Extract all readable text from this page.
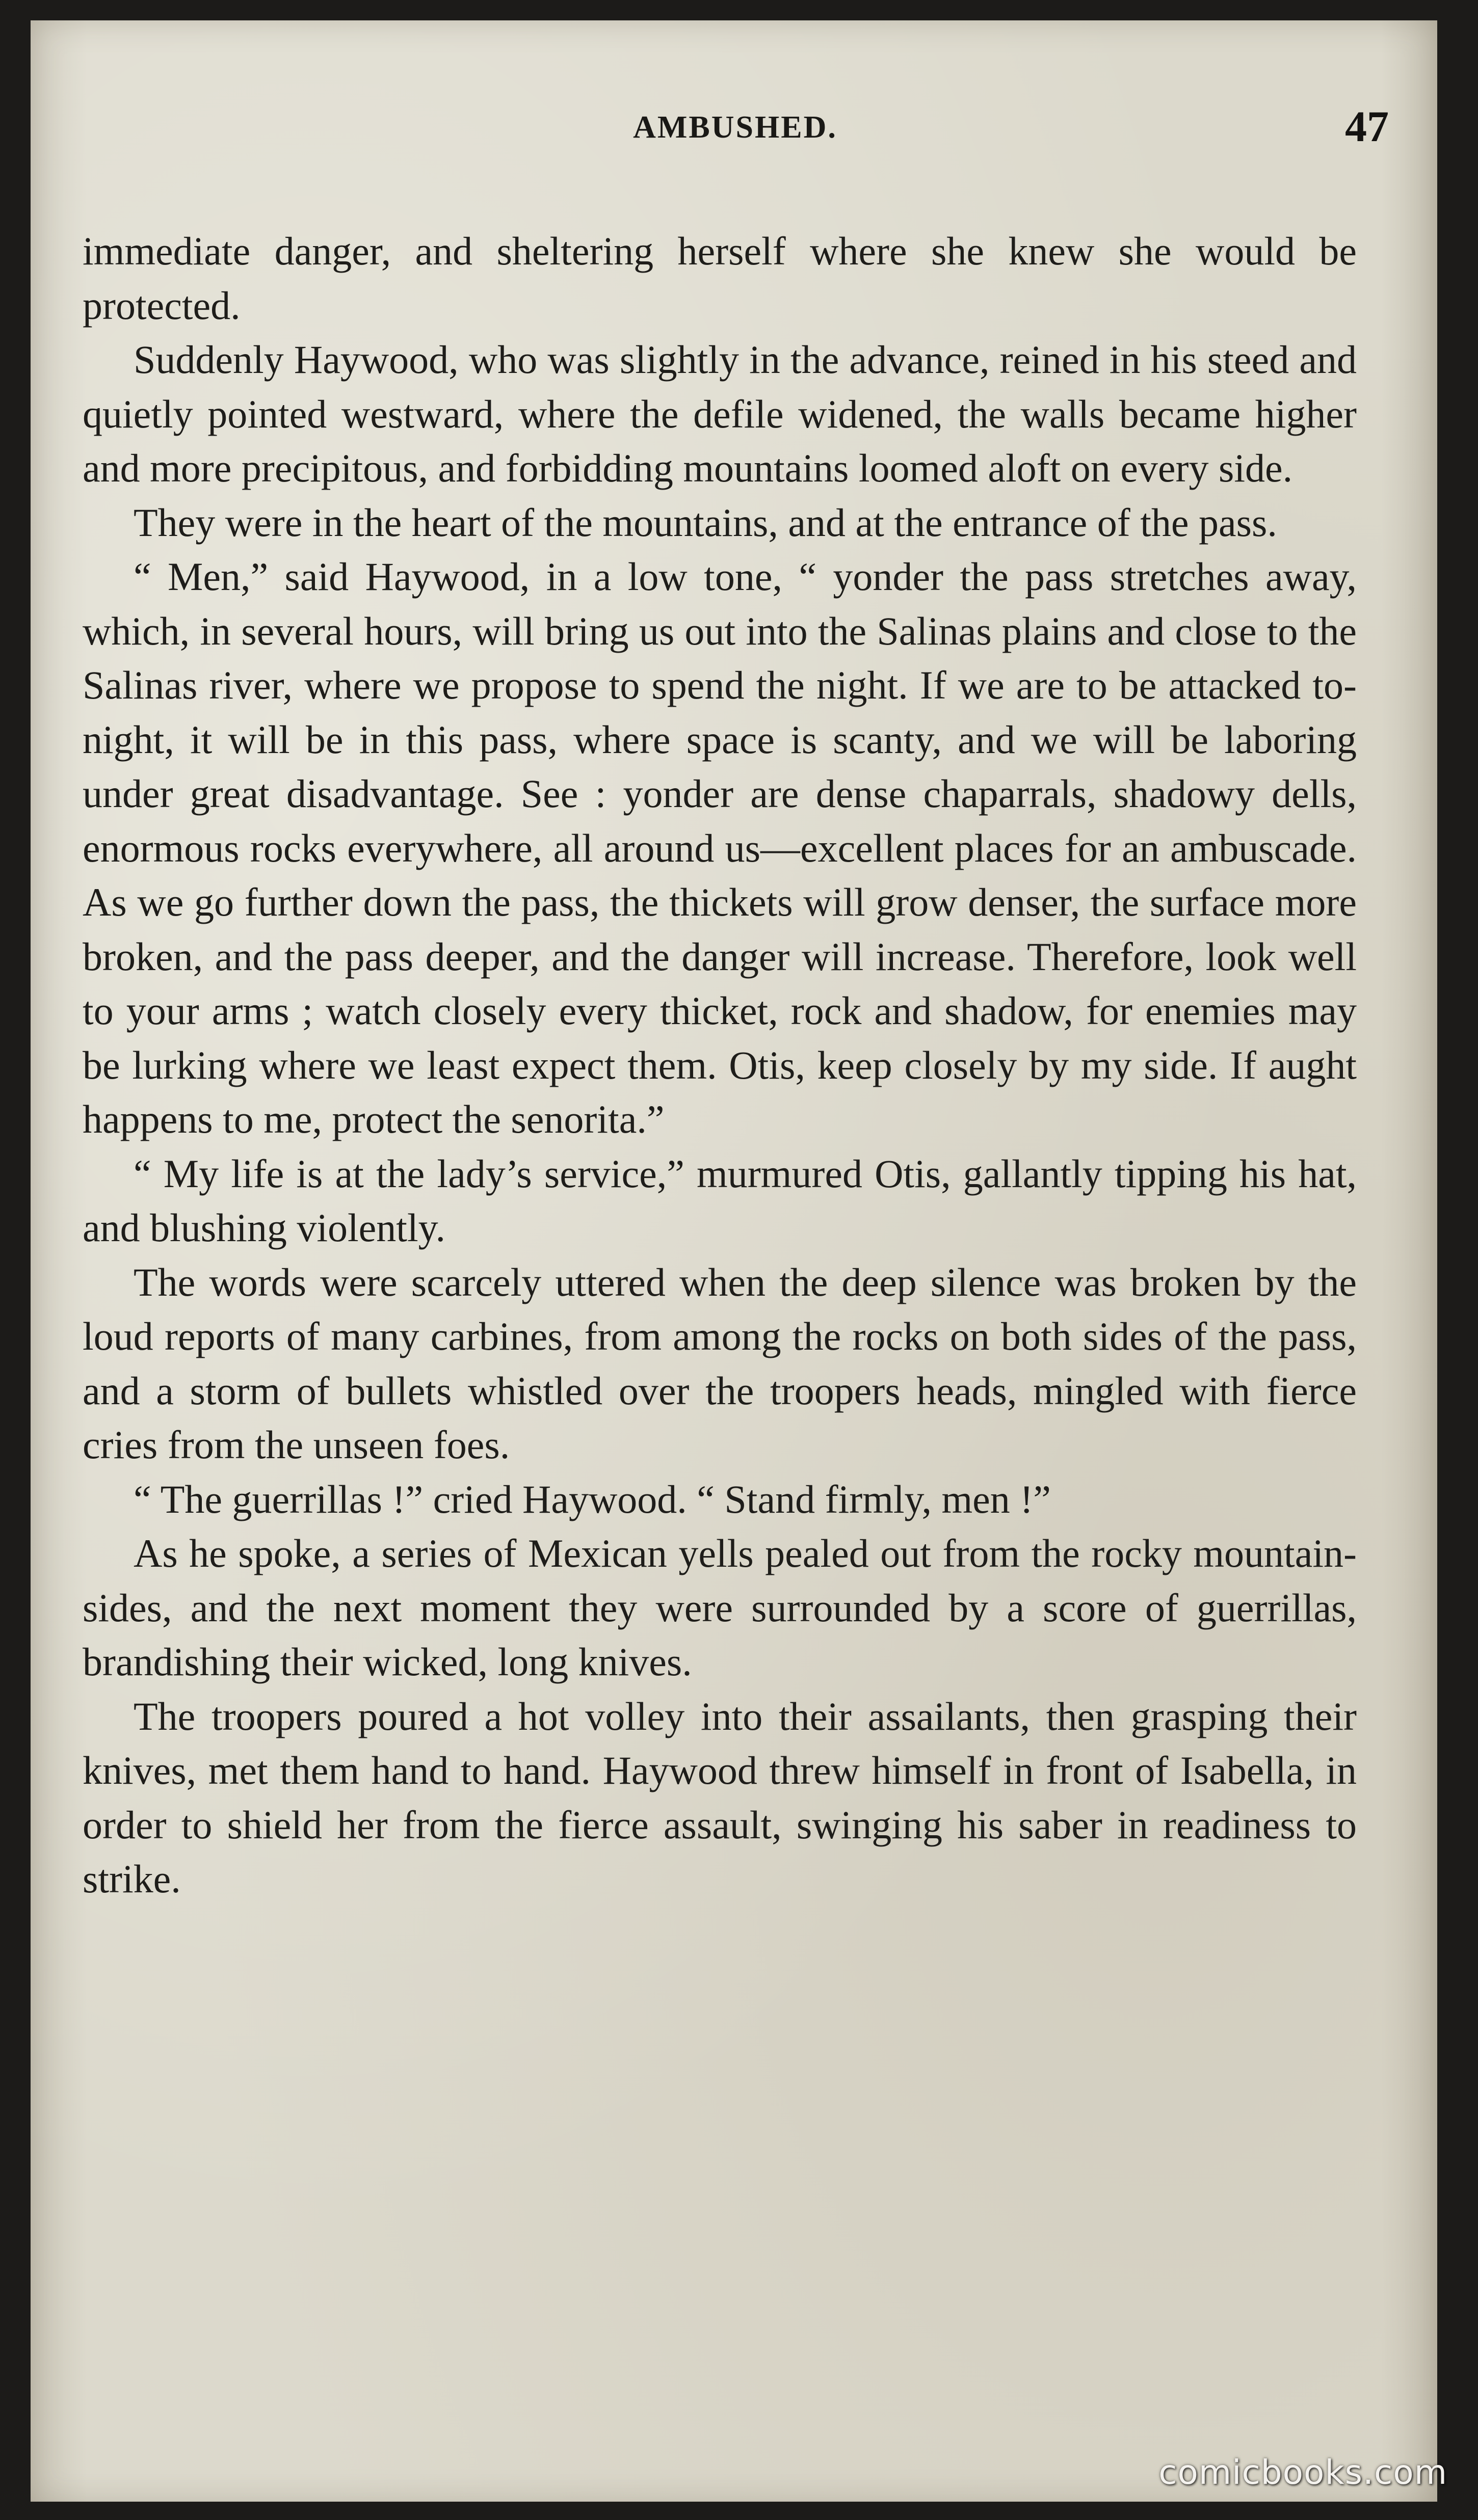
AMBUSHED.	47

immediate danger, and sheltering herself where she knew she would be protected.

Suddenly Haywood, who was slightly in the advance, reined in his steed and quietly pointed westward, where the defile widened, the walls became higher and more precipitous, and forbidding mountains loomed aloft on every side.

They were in the heart of the mountains, and at the entrance of the pass.

“ Men,” said Haywood, in a low tone, “ yonder the pass stretches away, which, in several hours, will bring us out into the Salinas plains and close to the Salinas river, where we propose to spend the night. If we are to be attacked to-night, it will be in this pass, where space is scanty, and we will be laboring under great disadvantage. See : yonder are dense chaparrals, shadowy dells, enormous rocks everywhere, all around us—excellent places for an ambuscade. As we go further down the pass, the thickets will grow denser, the surface more broken, and the pass deeper, and the danger will increase. Therefore, look well to your arms ; watch closely every thicket, rock and shadow, for enemies may be lurking where we least expect them. Otis, keep closely by my side. If aught happens to me, protect the senorita.”

“ My life is at the lady’s service,” murmured Otis, gallantly tipping his hat, and blushing violently.

The words were scarcely uttered when the deep silence was broken by the loud reports of many carbines, from among the rocks on both sides of the pass, and a storm of bullets whistled over the troopers heads, mingled with fierce cries from the unseen foes.

“ The guerrillas !” cried Haywood. “ Stand firmly, men !”

As he spoke, a series of Mexican yells pealed out from the rocky mountain-sides, and the next moment they were surrounded by a score of guerrillas, brandishing their wicked, long knives.

The troopers poured a hot volley into their assailants, then grasping their knives, met them hand to hand. Haywood threw himself in front of Isabella, in order to shield her from the fierce assault, swinging his saber in readiness to strike.

comicbooks.com
